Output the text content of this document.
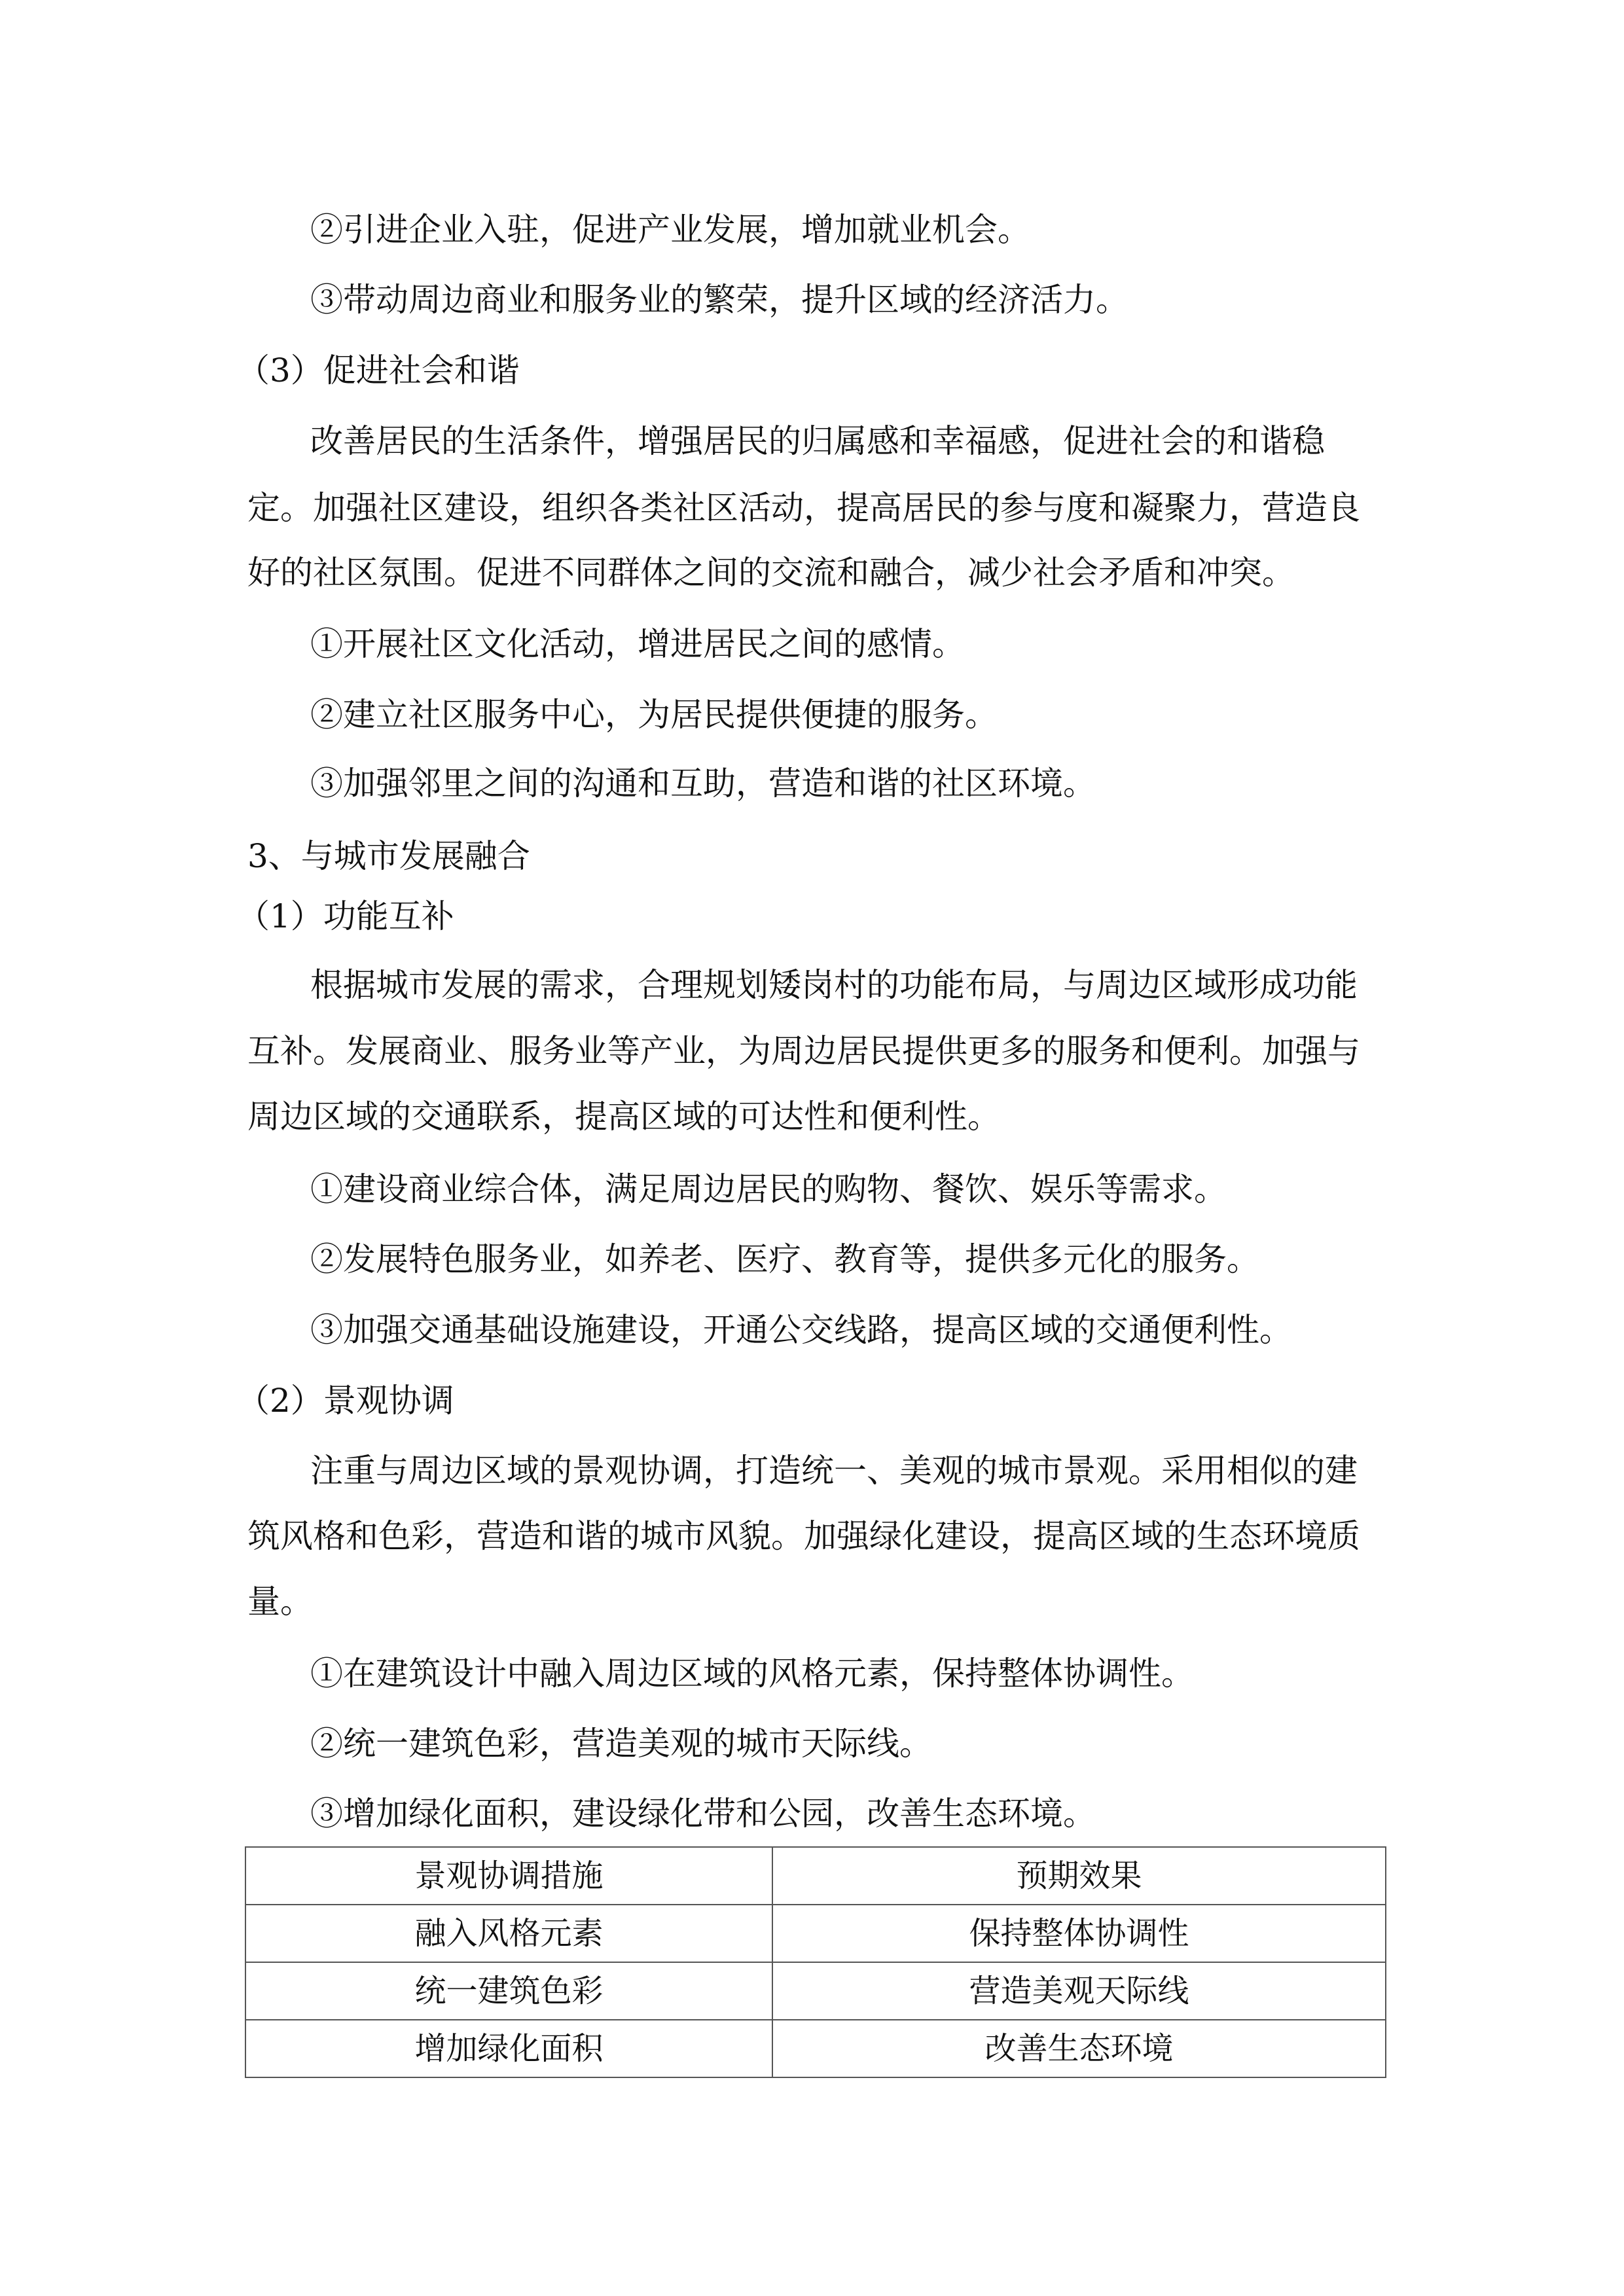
②引进企业入驻，促进产业发展，增加就业机会。
③带动周边商业和服务业的繁荣，提升区域的经济活力。
（3）促进社会和谐
改善居民的生活条件，增强居民的归属感和幸福感，促进社会的和谐稳
定。加强社区建设，组织各类社区活动，提高居民的参与度和凝聚力，营造良
好的社区氛围。促进不同群体之间的交流和融合，减少社会矛盾和冲突。
①开展社区文化活动，增进居民之间的感情。
②建立社区服务中心，为居民提供便捷的服务。
③加强邻里之间的沟通和互助，营造和谐的社区环境。
3、与城市发展融合
（1）功能互补
根据城市发展的需求，合理规划矮岗村的功能布局，与周边区域形成功能
互补。发展商业、服务业等产业，为周边居民提供更多的服务和便利。加强与
周边区域的交通联系，提高区域的可达性和便利性。
①建设商业综合体，满足周边居民的购物、餐饮、娱乐等需求。
②发展特色服务业，如养老、医疗、教育等，提供多元化的服务。
③加强交通基础设施建设，开通公交线路，提高区域的交通便利性。
（2）景观协调
注重与周边区域的景观协调，打造统一、美观的城市景观。采用相似的建
筑风格和色彩，营造和谐的城市风貌。加强绿化建设，提高区域的生态环境质
量。
①在建筑设计中融入周边区域的风格元素，保持整体协调性。
②统一建筑色彩，营造美观的城市天际线。
③增加绿化面积，建设绿化带和公园，改善生态环境。
景观协调措施	预期效果
融入风格元素	保持整体协调性
统一建筑色彩	营造美观天际线
增加绿化面积	改善生态环境
